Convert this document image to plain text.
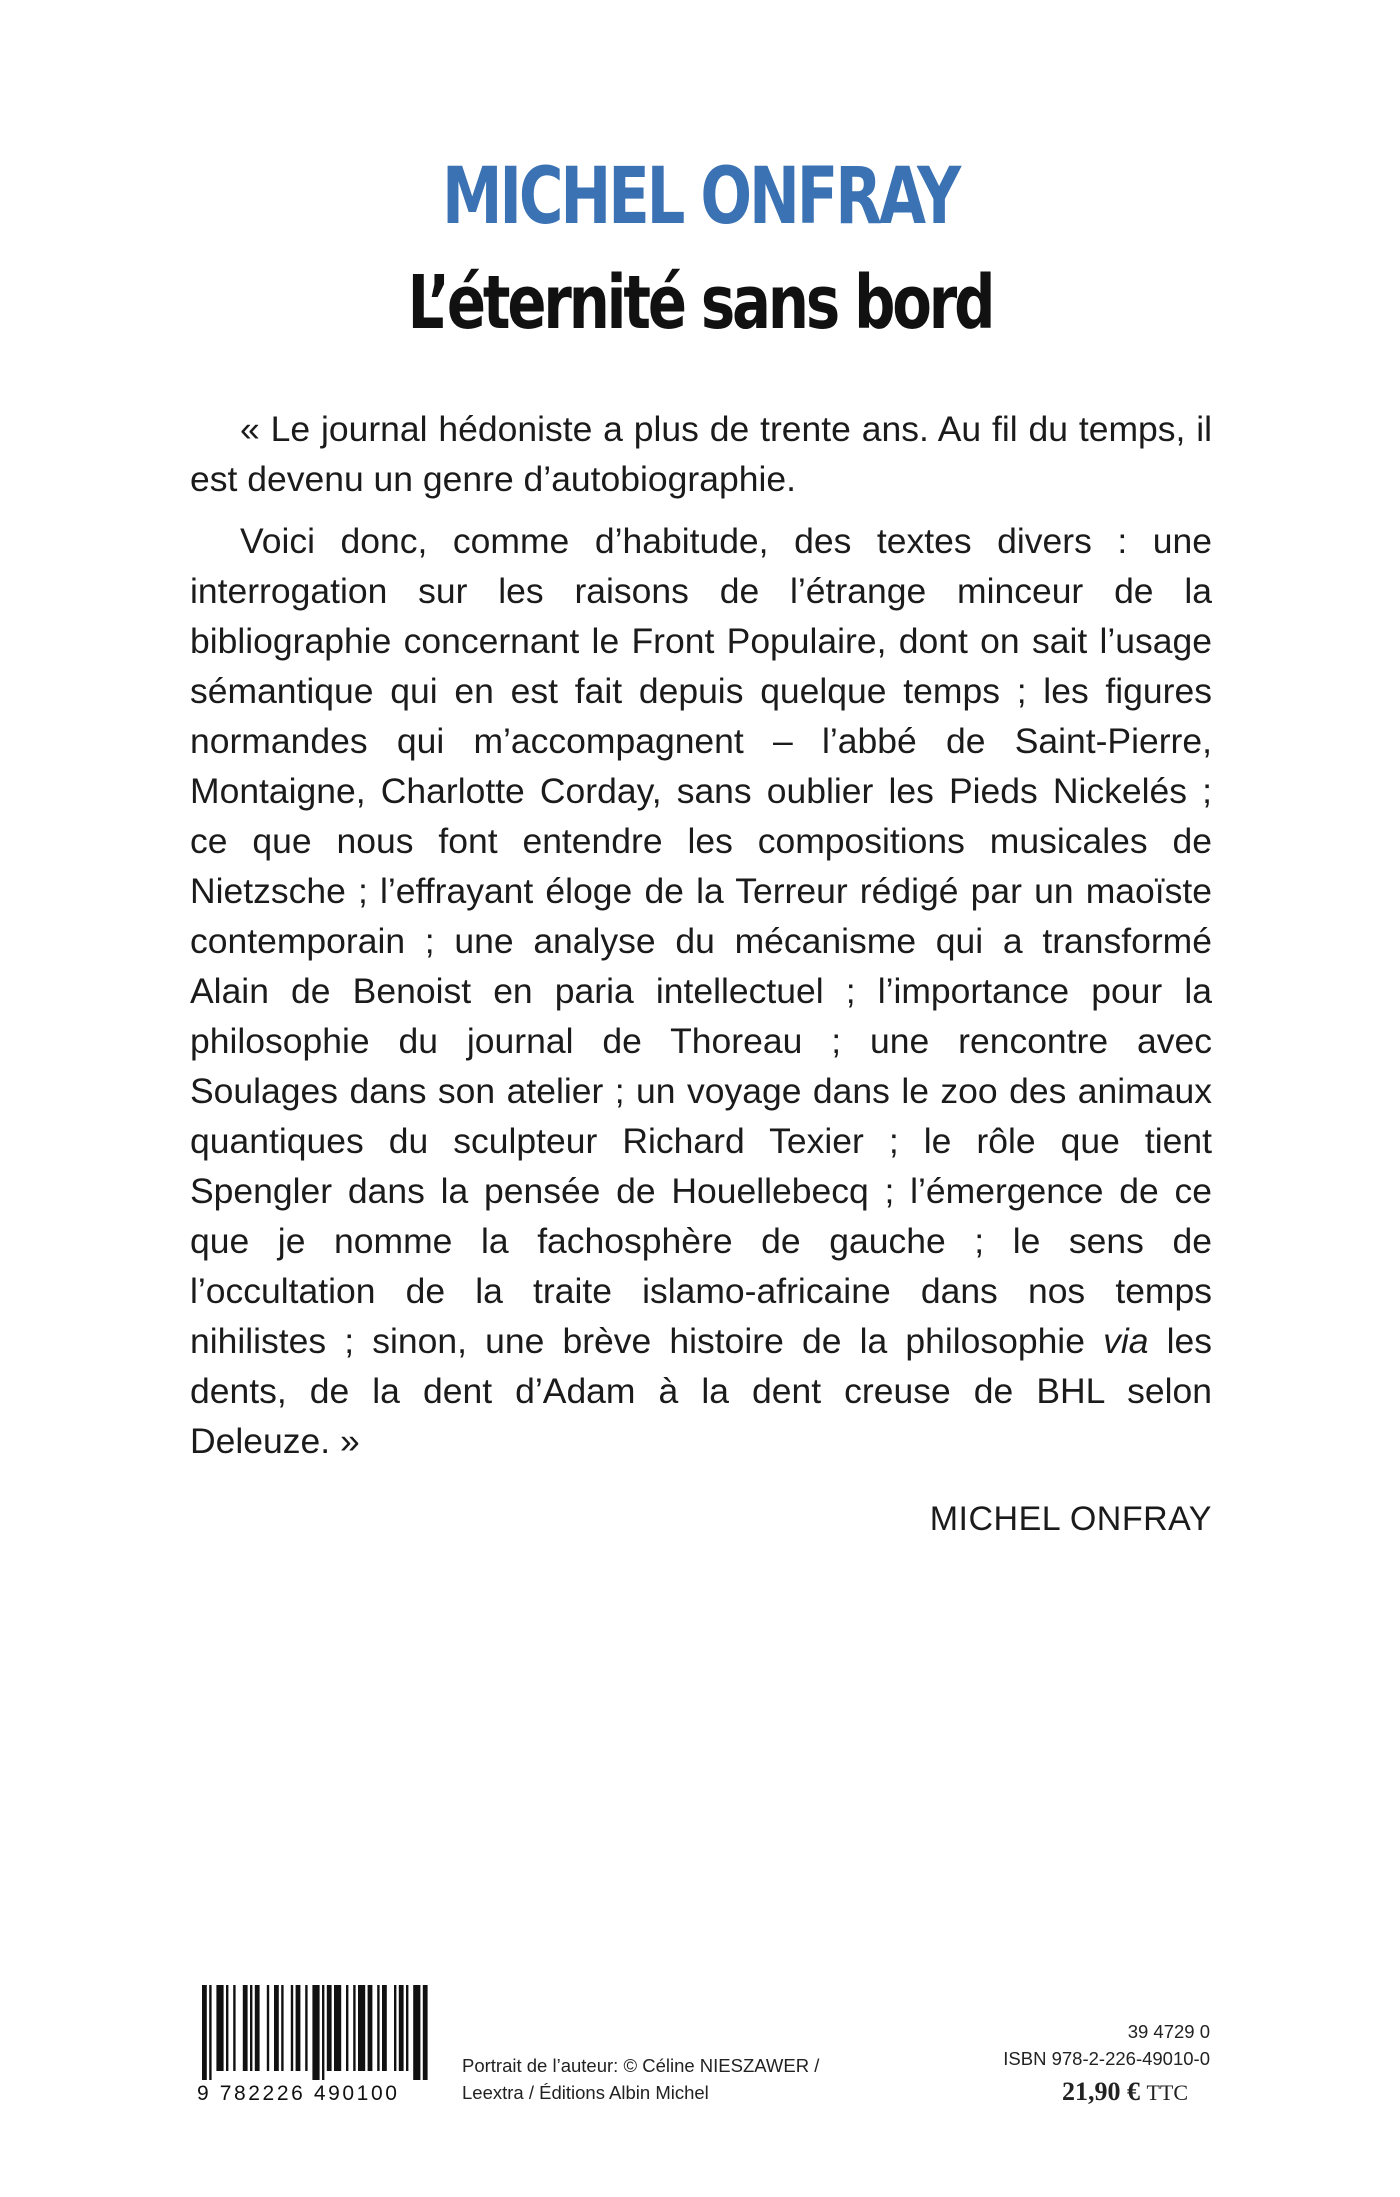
MICHEL ONFRAY
L’éternité sans bord

« Le journal hédoniste a plus de trente ans. Au fil du temps, il est devenu un genre d’autobiographie.

Voici donc, comme d’habitude, des textes divers : une interrogation sur les raisons de l’étrange minceur de la bibliographie concernant le Front Populaire, dont on sait l’usage sémantique qui en est fait depuis quelque temps ; les figures normandes qui m’accompagnent – l’abbé de Saint-Pierre, Montaigne, Charlotte Corday, sans oublier les Pieds Nickelés ; ce que nous font entendre les compositions musicales de Nietzsche ; l’effrayant éloge de la Terreur rédigé par un maoïste contemporain ; une analyse du mécanisme qui a transformé Alain de Benoist en paria intellectuel ; l’importance pour la philosophie du journal de Thoreau ; une rencontre avec Soulages dans son atelier ; un voyage dans le zoo des animaux quantiques du sculpteur Richard Texier ; le rôle que tient Spengler dans la pensée de Houellebecq ; l’émergence de ce que je nomme la fachosphère de gauche ; le sens de l’occultation de la traite islamo-africaine dans nos temps nihilistes ; sinon, une brève histoire de la philosophie via les dents, de la dent d’Adam à la dent creuse de BHL selon Deleuze. »

MICHEL ONFRAY
9 782226 490100
Portrait de l’auteur: © Céline NIESZAWER /
Leextra / Éditions Albin Michel
39 4729 0
ISBN 978-2-226-49010-0
21,90 € TTC
